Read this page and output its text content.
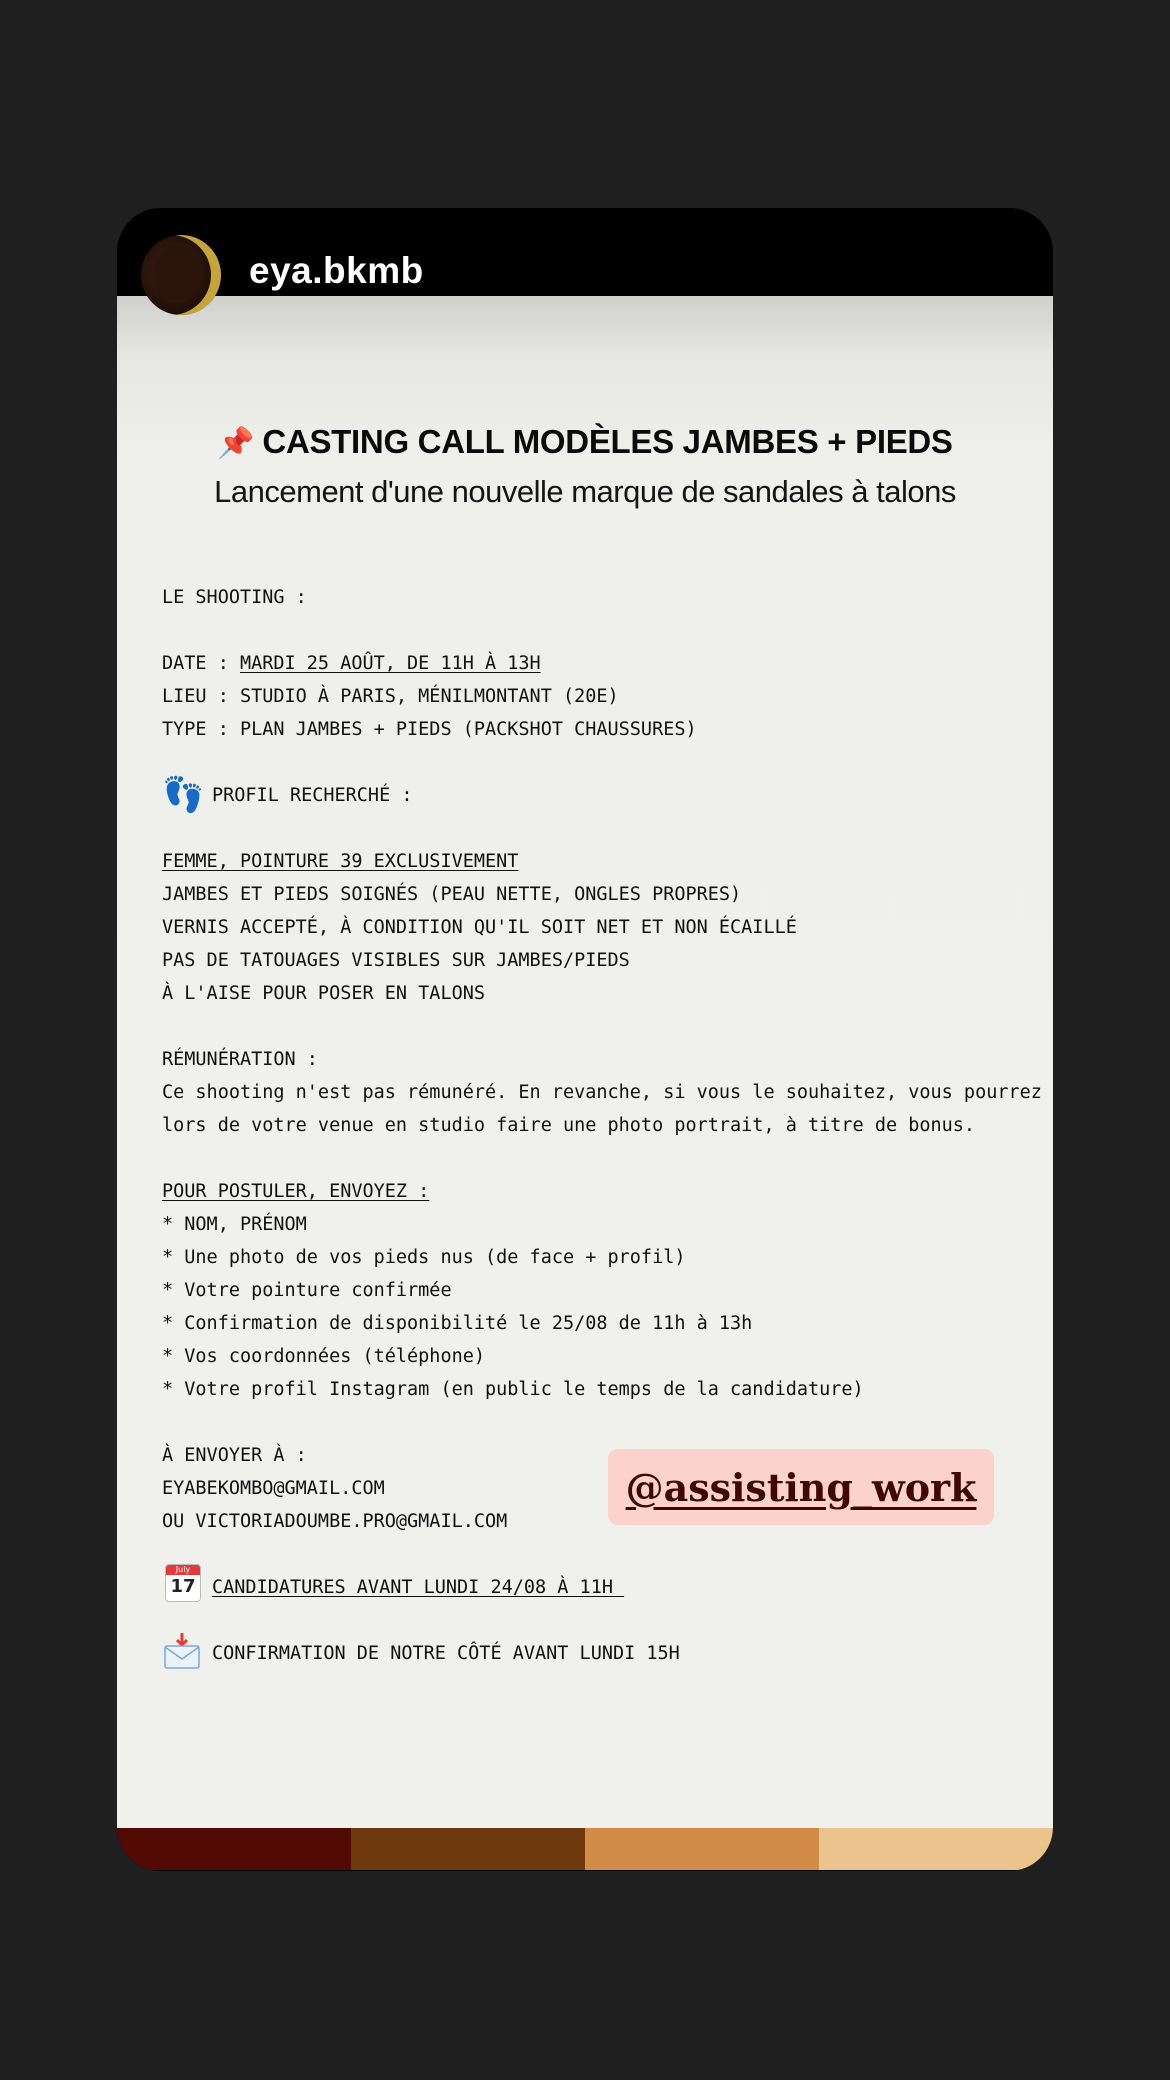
eya.bkmb
📌 CASTING CALL MODÈLES JAMBES + PIEDS
Lancement d'une nouvelle marque de sandales à talons
LE SHOOTING :
DATE : MARDI 25 AOÛT, DE 11H À 13H
LIEU : STUDIO À PARIS, MÉNILMONTANT (20E)
TYPE : PLAN JAMBES + PIEDS (PACKSHOT CHAUSSURES)
👣 PROFIL RECHERCHÉ :
FEMME, POINTURE 39 EXCLUSIVEMENT
JAMBES ET PIEDS SOIGNÉS (PEAU NETTE, ONGLES PROPRES)
VERNIS ACCEPTÉ, À CONDITION QU'IL SOIT NET ET NON ÉCAILLÉ
PAS DE TATOUAGES VISIBLES SUR JAMBES/PIEDS
À L'AISE POUR POSER EN TALONS
RÉMUNÉRATION :
Ce shooting n'est pas rémunéré. En revanche, si vous le souhaitez, vous pourrez
lors de votre venue en studio faire une photo portrait, à titre de bonus.
POUR POSTULER, ENVOYEZ :
* NOM, PRÉNOM
* Une photo de vos pieds nus (de face + profil)
* Votre pointure confirmée
* Confirmation de disponibilité le 25/08 de 11h à 13h
* Vos coordonnées (téléphone)
* Votre profil Instagram (en public le temps de la candidature)
À ENVOYER À :
EYABEKOMBO@GMAIL.COM
OU VICTORIADOUMBE.PRO@GMAIL.COM
@assisting_work
July
17 CANDIDATURES AVANT LUNDI 24/08 À 11H
CONFIRMATION DE NOTRE CÔTÉ AVANT LUNDI 15H
